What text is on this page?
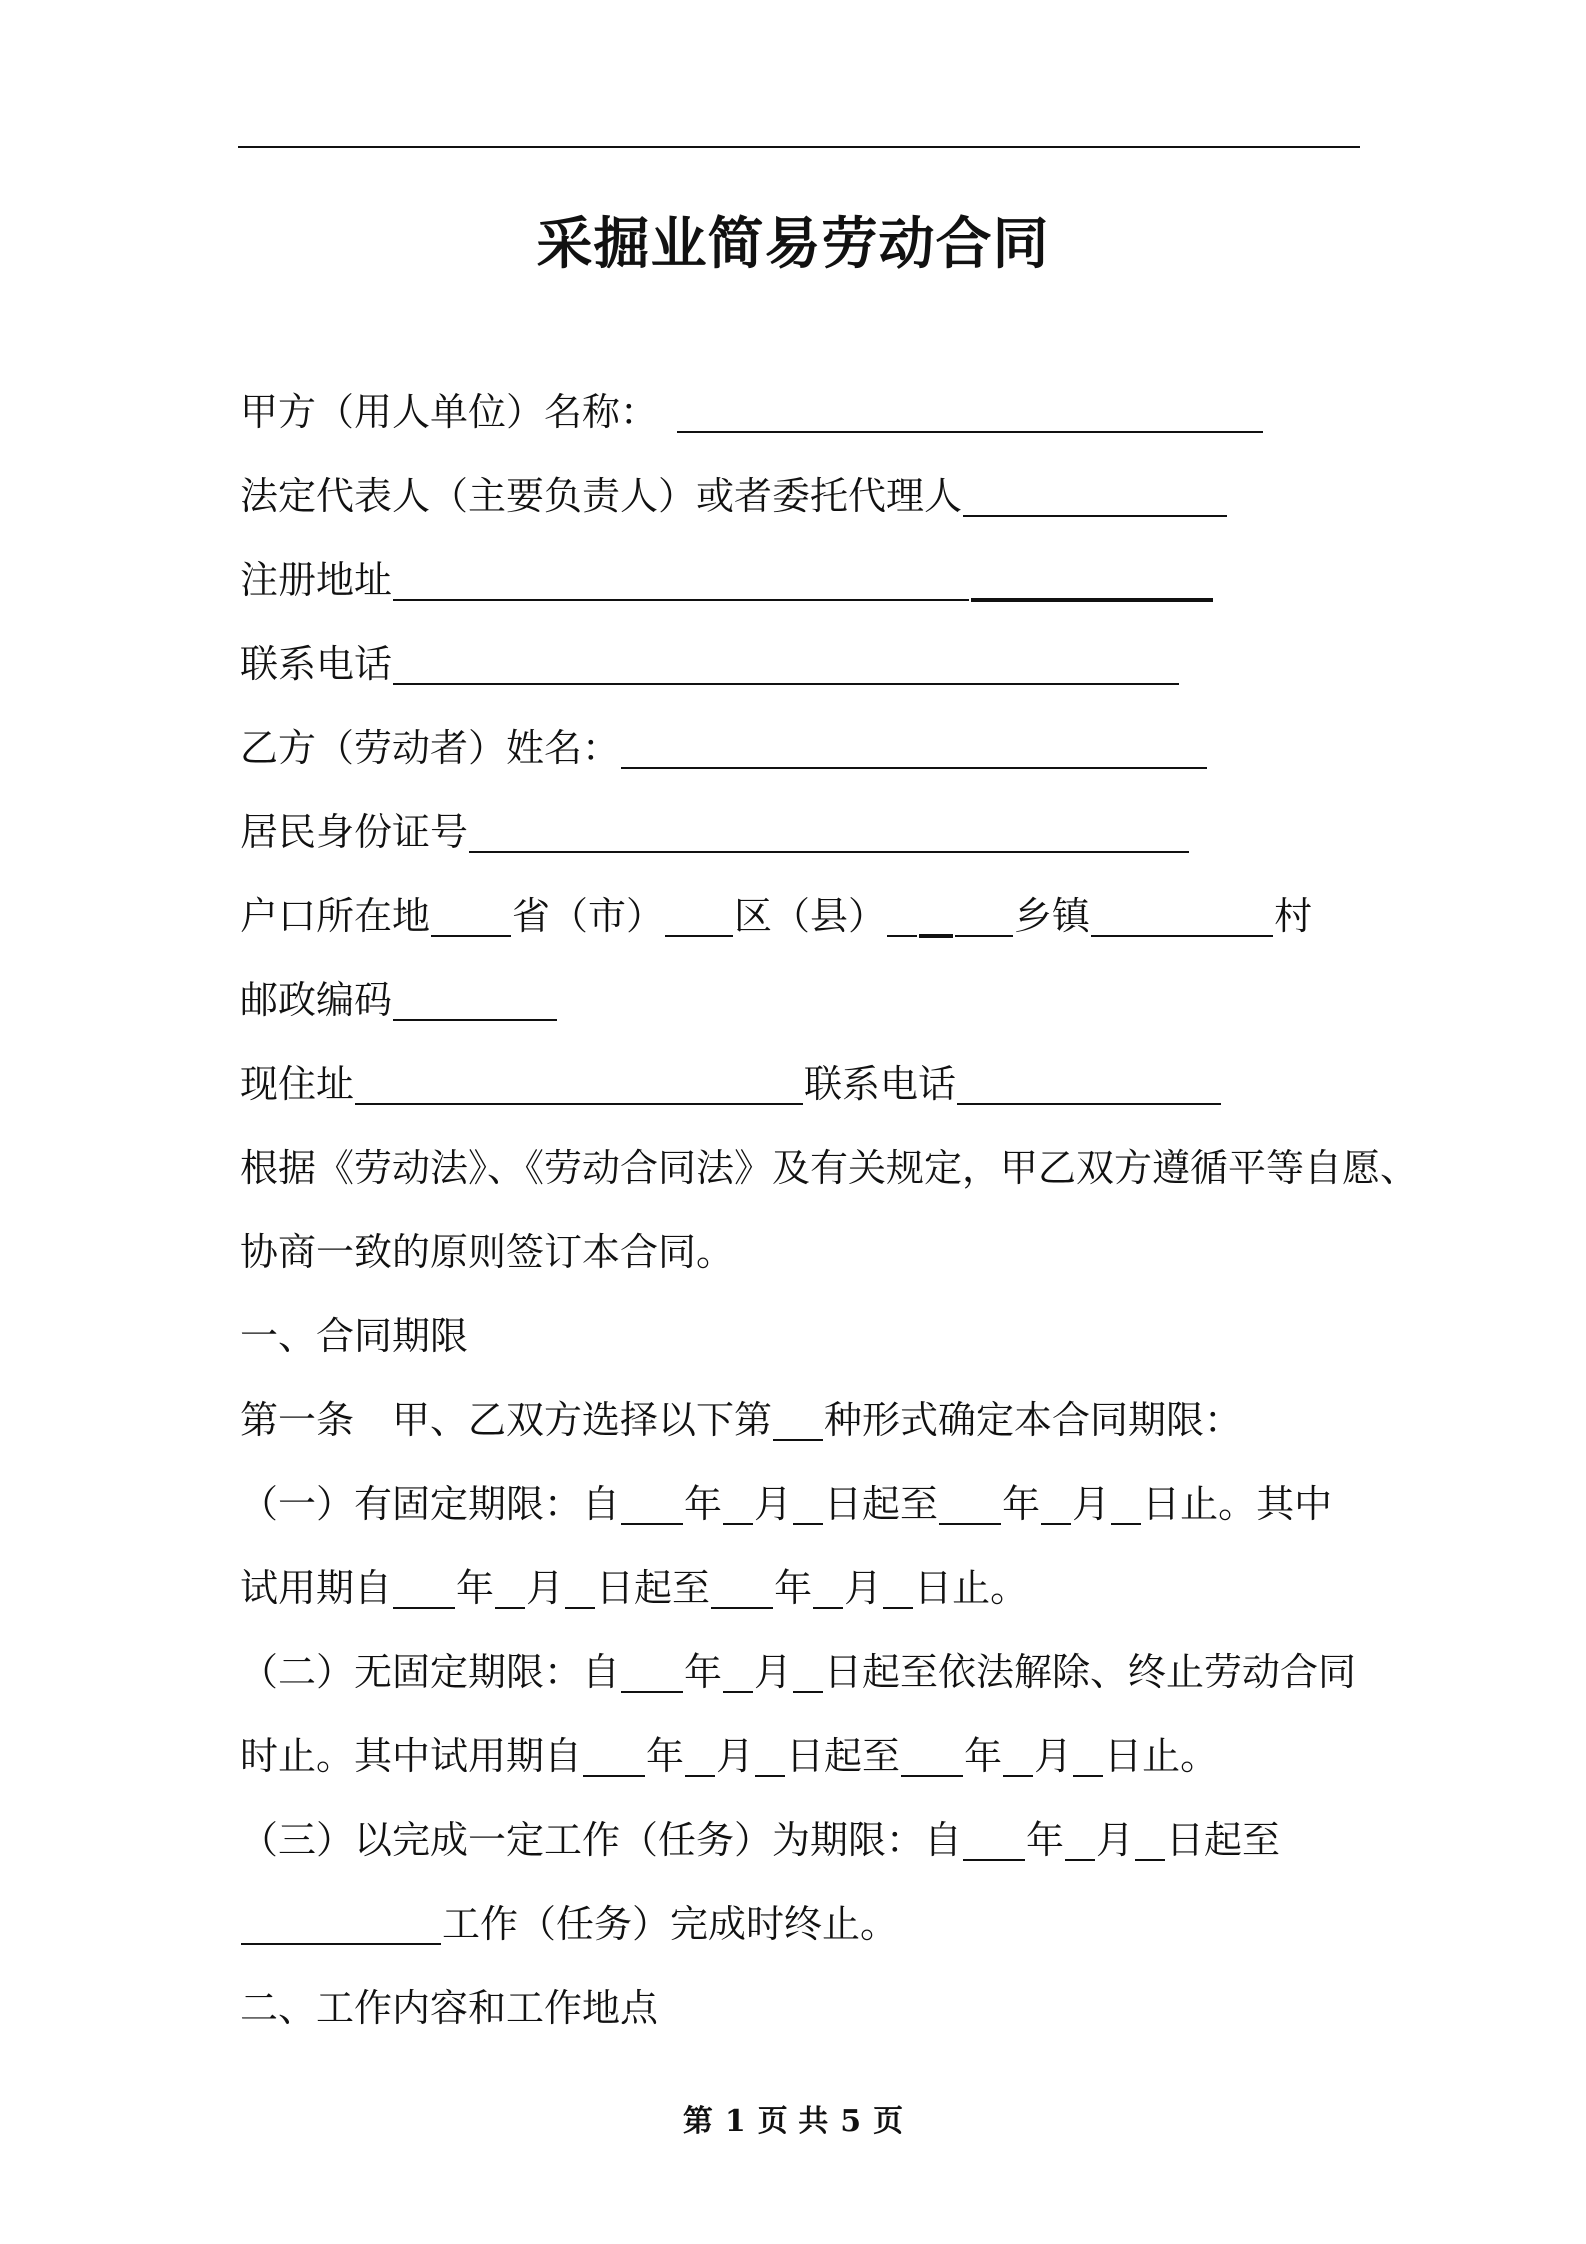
采掘业简易劳动合同
甲方（用人单位）名称：
法定代表人（主要负责人）或者委托代理人
注册地址
联系电话
乙方（劳动者）姓名：
居民身份证号
户口所在地 省（市） 区（县）	乡镇	村
邮政编码
现住址	联系电话
根据《劳动法》、《劳动合同法》及有关规定，甲乙双方遵循平等自愿、
协商一致的原则签订本合同。
一、合同期限
第一条　甲、乙双方选择以下第 种形式确定本合同期限：
（一）有固定期限：自 年 月 日起至 年 月 日止。其中
试用期自 年 月 日起至 年 月 日止。
（二）无固定期限：自 年 月 日起至依法解除、终止劳动合同
时止。其中试用期自 年 月 日起至 年 月 日止。
（三）以完成一定工作（任务）为期限：自 年 月 日起至
工作（任务）完成时终止。
二、工作内容和工作地点
第 1 页 共 5 页
